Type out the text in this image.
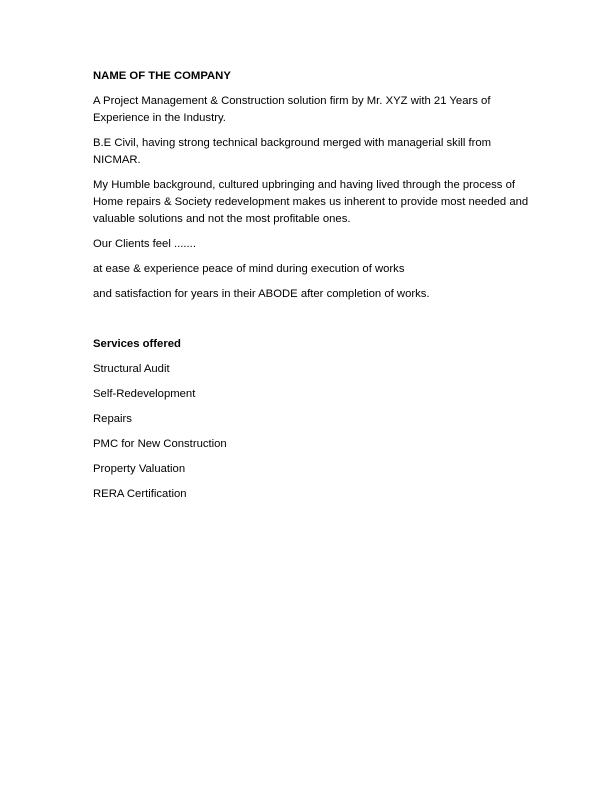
NAME OF THE COMPANY
A Project Management & Construction solution firm by Mr. XYZ with 21 Years of Experience in the Industry.
B.E Civil, having strong technical background merged with managerial skill from NICMAR.
My Humble background, cultured upbringing and having lived through the process of Home repairs & Society redevelopment makes us inherent to provide most needed and valuable solutions and not the most profitable ones.
Our Clients feel .......
at ease & experience peace of mind during execution of works
and satisfaction for years in their ABODE after completion of works.
Services offered
Structural Audit
Self-Redevelopment
Repairs
PMC for New Construction
Property Valuation
RERA Certification
